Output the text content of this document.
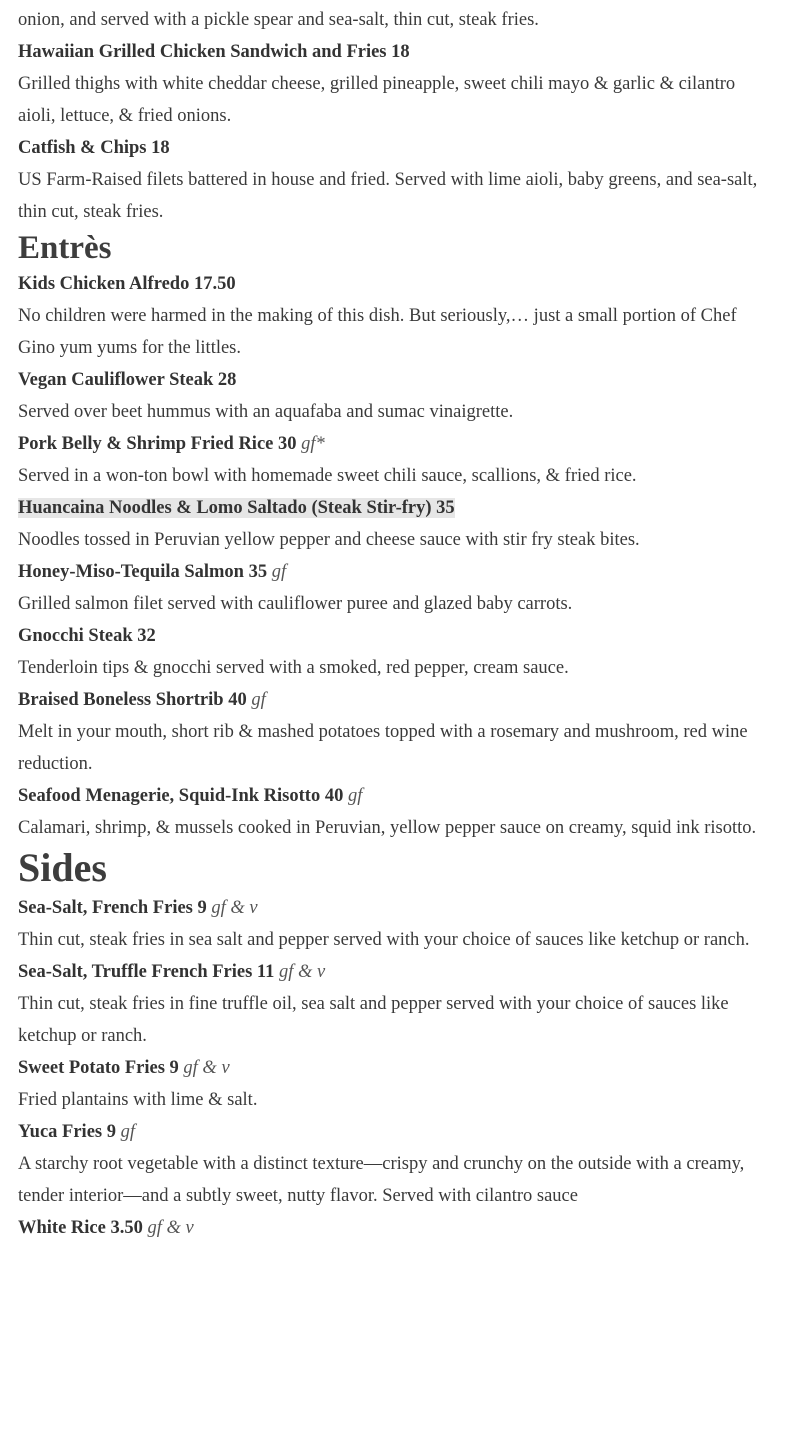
onion, and served with a pickle spear and sea-salt, thin cut, steak fries.

Hawaiian Grilled Chicken Sandwich and Fries 18

Grilled thighs with white cheddar cheese, grilled pineapple, sweet chili mayo & garlic & cilantro aioli, lettuce, & fried onions.

Catfish & Chips 18

US Farm-Raised filets battered in house and fried. Served with lime aioli, baby greens, and sea-salt, thin cut, steak fries.

Entrès

Kids Chicken Alfredo 17.50

No children were harmed in the making of this dish. But seriously,… just a small portion of Chef Gino yum yums for the littles.

Vegan Cauliflower Steak 28

Served over beet hummus with an aquafaba and sumac vinaigrette.

Pork Belly & Shrimp Fried Rice 30 gf*

Served in a won-ton bowl with homemade sweet chili sauce, scallions, & fried rice.

Huancaina Noodles & Lomo Saltado (Steak Stir-fry) 35

Noodles tossed in Peruvian yellow pepper and cheese sauce with stir fry steak bites.

Honey-Miso-Tequila Salmon 35 gf

Grilled salmon filet served with cauliflower puree and glazed baby carrots.

Gnocchi Steak 32

Tenderloin tips & gnocchi served with a smoked, red pepper, cream sauce.

Braised Boneless Shortrib 40 gf

Melt in your mouth, short rib & mashed potatoes topped with a rosemary and mushroom, red wine reduction.

Seafood Menagerie, Squid-Ink Risotto 40 gf

Calamari, shrimp, & mussels cooked in Peruvian, yellow pepper sauce on creamy, squid ink risotto.

Sides

Sea-Salt, French Fries 9 gf & v

Thin cut, steak fries in sea salt and pepper served with your choice of sauces like ketchup or ranch.

Sea-Salt, Truffle French Fries 11 gf & v

Thin cut, steak fries in fine truffle oil, sea salt and pepper served with your choice of sauces like ketchup or ranch.

Sweet Potato Fries 9 gf & v

Fried plantains with lime & salt.

Yuca Fries 9 gf

A starchy root vegetable with a distinct texture—crispy and crunchy on the outside with a creamy, tender interior—and a subtly sweet, nutty flavor. Served with cilantro sauce

White Rice 3.50 gf & v
